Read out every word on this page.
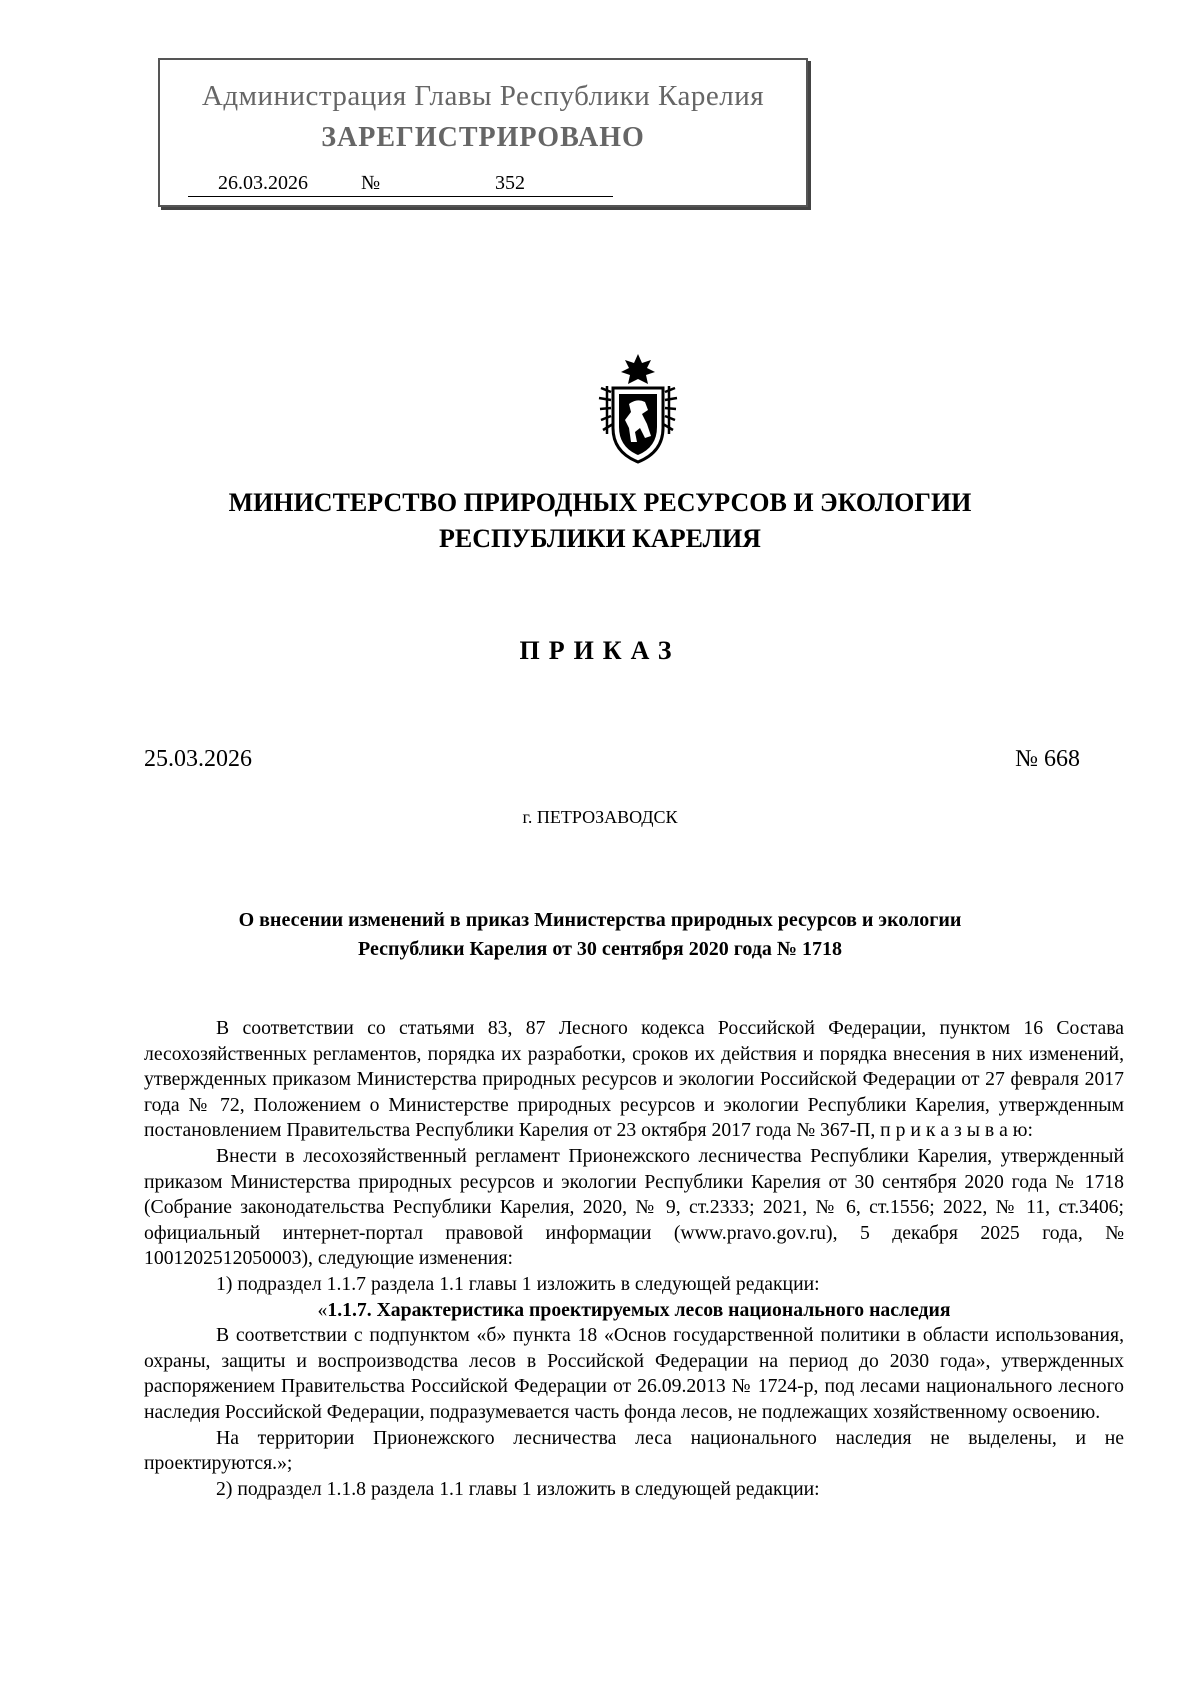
Администрация Главы Республики Карелия
ЗАРЕГИСТРИРОВАНО
26.03.2026	№	352
МИНИСТЕРСТВО ПРИРОДНЫХ РЕСУРСОВ И ЭКОЛОГИИ
РЕСПУБЛИКИ КАРЕЛИЯ
ПРИКАЗ
25.03.2026	№ 668
г. ПЕТРОЗАВОДСК
О внесении изменений в приказ Министерства природных ресурсов и экологии
Республики Карелия от 30 сентября 2020 года № 1718

В соответствии со статьями 83, 87 Лесного кодекса Российской Федерации, пунктом 16 Состава лесохозяйственных регламентов, порядка их разработки, сроков их действия и порядка внесения в них изменений, утвержденных приказом Министерства природных ресурсов и экологии Российской Федерации от 27 февраля 2017 года № 72, Положением о Министерстве природных ресурсов и экологии Республики Карелия, утвержденным постановлением Правительства Республики Карелия от 23 октября 2017 года № 367-П, п р и к а з ы в а ю:

Внести в лесохозяйственный регламент Прионежского лесничества Республики Карелия, утвержденный приказом Министерства природных ресурсов и экологии Республики Карелия от 30 сентября 2020 года № 1718 (Собрание законодательства Республики Карелия, 2020, № 9, ст.2333; 2021, № 6, ст.1556; 2022, № 11, ст.3406; официальный интернет-портал правовой информации (www.pravo.gov.ru), 5 декабря 2025 года, № 1001202512050003), следующие изменения:

1) подраздел 1.1.7 раздела 1.1 главы 1 изложить в следующей редакции:

«1.1.7. Характеристика проектируемых лесов национального наследия

В соответствии с подпунктом «б» пункта 18 «Основ государственной политики в области использования, охраны, защиты и воспроизводства лесов в Российской Федерации на период до 2030 года», утвержденных распоряжением Правительства Российской Федерации от 26.09.2013 № 1724-р, под лесами национального лесного наследия Российской Федерации, подразумевается часть фонда лесов, не подлежащих хозяйственному освоению.

На территории Прионежского лесничества леса национального наследия не выделены, и не проектируются.»;

2) подраздел 1.1.8 раздела 1.1 главы 1 изложить в следующей редакции:
